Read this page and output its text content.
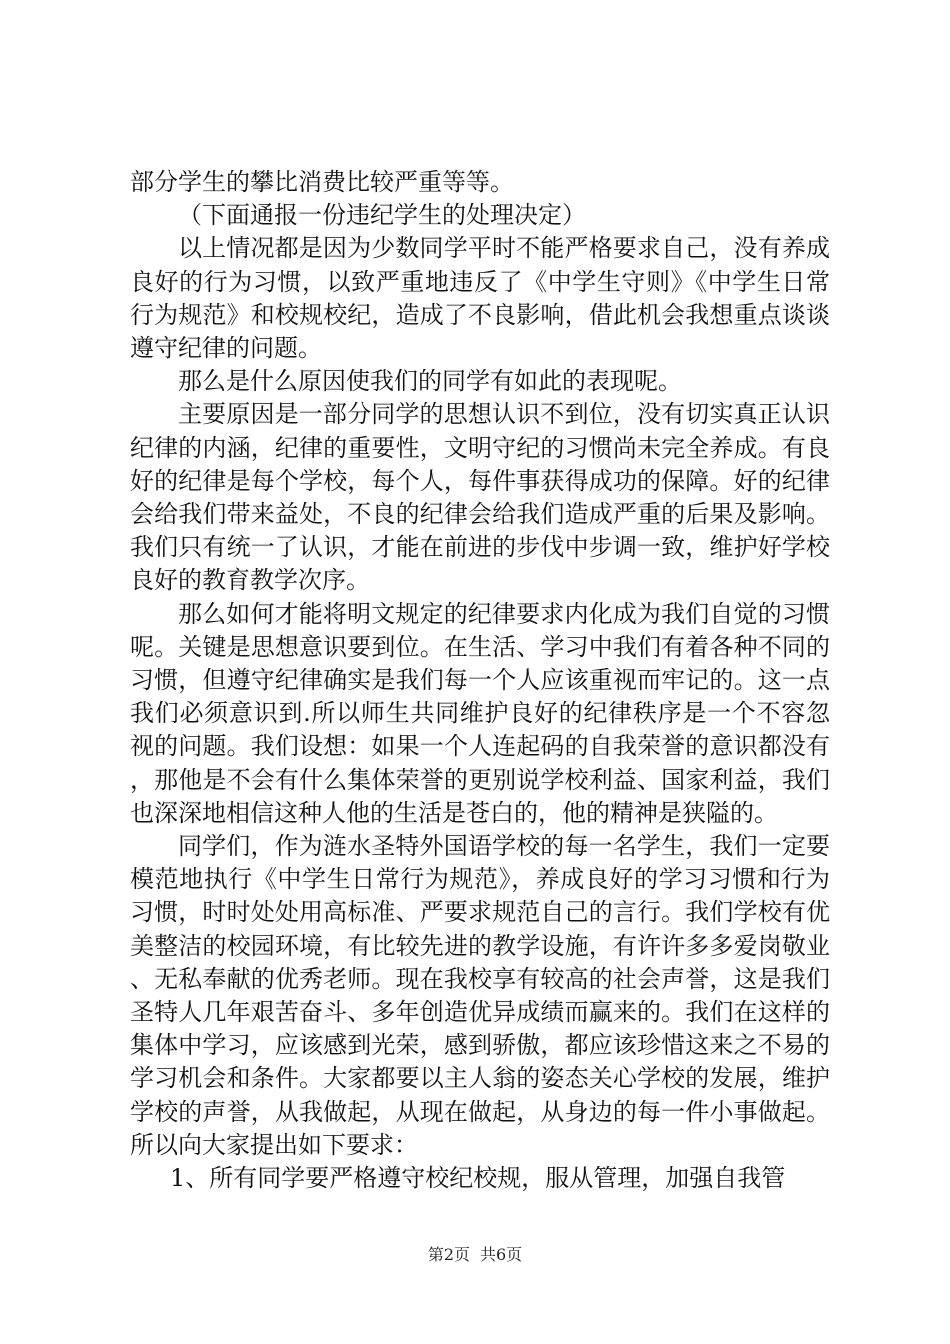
部分学生的攀比消费比较严重等等。

（下面通报一份违纪学生的处理决定）

以上情况都是因为少数同学平时不能严格要求自己，没有养成良好的行为习惯，以致严重地违反了《中学生守则》《中学生日常行为规范》和校规校纪，造成了不良影响，借此机会我想重点谈谈遵守纪律的问题。

那么是什么原因使我们的同学有如此的表现呢。

主要原因是一部分同学的思想认识不到位，没有切实真正认识纪律的内涵，纪律的重要性，文明守纪的习惯尚未完全养成。有良好的纪律是每个学校，每个人，每件事获得成功的保障。好的纪律会给我们带来益处，不良的纪律会给我们造成严重的后果及影响。我们只有统一了认识，才能在前进的步伐中步调一致，维护好学校良好的教育教学次序。

那么如何才能将明文规定的纪律要求内化成为我们自觉的习惯呢。关键是思想意识要到位。在生活、学习中我们有着各种不同的习惯，但遵守纪律确实是我们每一个人应该重视而牢记的。这一点我们必须意识到.所以师生共同维护良好的纪律秩序是一个不容忽视的问题。我们设想：如果一个人连起码的自我荣誉的意识都没有，那他是不会有什么集体荣誉的更别说学校利益、国家利益，我们也深深地相信这种人他的生活是苍白的，他的精神是狭隘的。

同学们，作为涟水圣特外国语学校的每一名学生，我们一定要模范地执行《中学生日常行为规范》，养成良好的学习习惯和行为习惯，时时处处用高标准、严要求规范自己的言行。我们学校有优美整洁的校园环境，有比较先进的教学设施，有许许多多爱岗敬业、无私奉献的优秀老师。现在我校享有较高的社会声誉，这是我们圣特人几年艰苦奋斗、多年创造优异成绩而赢来的。我们在这样的集体中学习，应该感到光荣，感到骄傲，都应该珍惜这来之不易的学习机会和条件。大家都要以主人翁的姿态关心学校的发展，维护学校的声誉，从我做起，从现在做起，从身边的每一件小事做起。所以向大家提出如下要求：

1、所有同学要严格遵守校纪校规，服从管理，加强自我管

第2页 共6页
